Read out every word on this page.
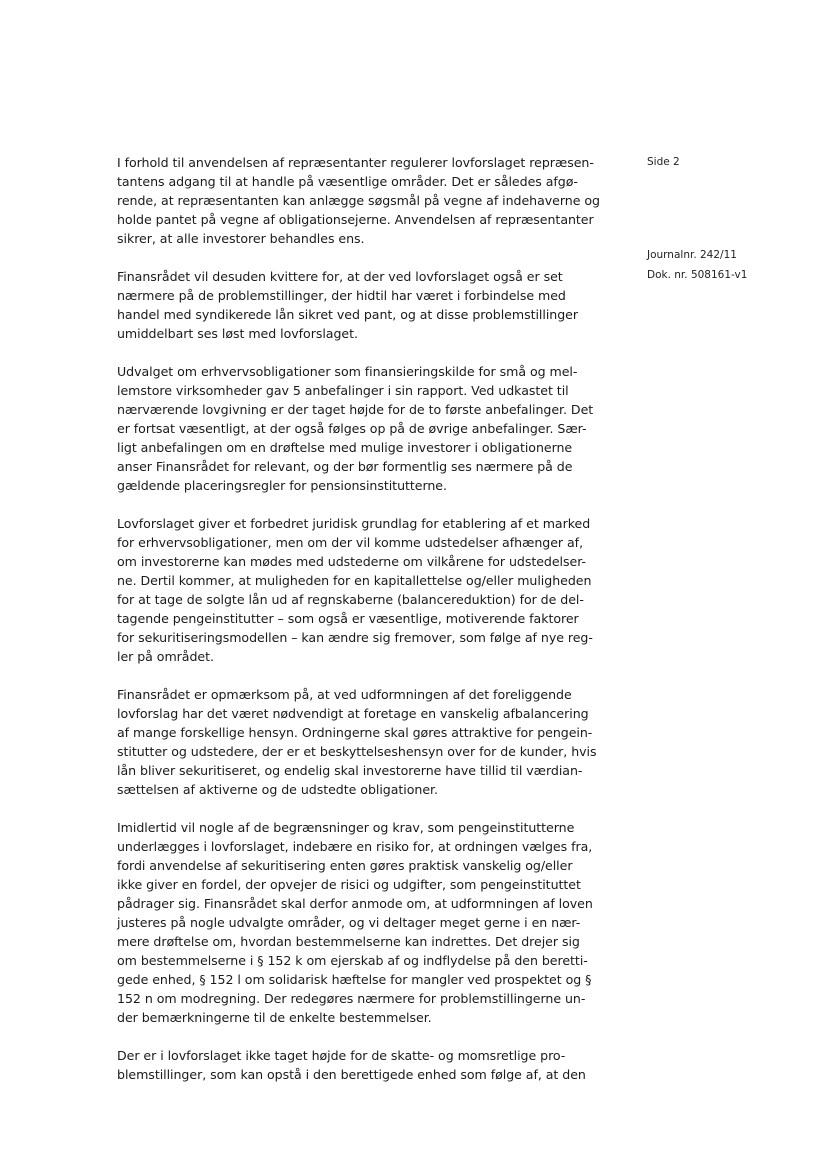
Side 2
Journalnr. 242/11
Dok. nr. 508161-v1

I forhold til anvendelsen af repræsentanter regulerer lovforslaget repræsen-
tantens adgang til at handle på væsentlige områder. Det er således afgø-
rende, at repræsentanten kan anlægge søgsmål på vegne af indehaverne og
holde pantet på vegne af obligationsejerne. Anvendelsen af repræsentanter
sikrer, at alle investorer behandles ens.

Finansrådet vil desuden kvittere for, at der ved lovforslaget også er set
nærmere på de problemstillinger, der hidtil har været i forbindelse med
handel med syndikerede lån sikret ved pant, og at disse problemstillinger
umiddelbart ses løst med lovforslaget.

Udvalget om erhvervsobligationer som finansieringskilde for små og mel-
lemstore virksomheder gav 5 anbefalinger i sin rapport. Ved udkastet til
nærværende lovgivning er der taget højde for de to første anbefalinger. Det
er fortsat væsentligt, at der også følges op på de øvrige anbefalinger. Sær-
ligt anbefalingen om en drøftelse med mulige investorer i obligationerne
anser Finansrådet for relevant, og der bør formentlig ses nærmere på de
gældende placeringsregler for pensionsinstitutterne.

Lovforslaget giver et forbedret juridisk grundlag for etablering af et marked
for erhvervsobligationer, men om der vil komme udstedelser afhænger af,
om investorerne kan mødes med udstederne om vilkårene for udstedelser-
ne. Dertil kommer, at muligheden for en kapitallettelse og/eller muligheden
for at tage de solgte lån ud af regnskaberne (balancereduktion) for de del-
tagende pengeinstitutter – som også er væsentlige, motiverende faktorer
for sekuritiseringsmodellen – kan ændre sig fremover, som følge af nye reg-
ler på området.

Finansrådet er opmærksom på, at ved udformningen af det foreliggende
lovforslag har det været nødvendigt at foretage en vanskelig afbalancering
af mange forskellige hensyn. Ordningerne skal gøres attraktive for pengein-
stitutter og udstedere, der er et beskyttelseshensyn over for de kunder, hvis
lån bliver sekuritiseret, og endelig skal investorerne have tillid til værdian-
sættelsen af aktiverne og de udstedte obligationer.

Imidlertid vil nogle af de begrænsninger og krav, som pengeinstitutterne
underlægges i lovforslaget, indebære en risiko for, at ordningen vælges fra,
fordi anvendelse af sekuritisering enten gøres praktisk vanskelig og/eller
ikke giver en fordel, der opvejer de risici og udgifter, som pengeinstituttet
pådrager sig. Finansrådet skal derfor anmode om, at udformningen af loven
justeres på nogle udvalgte områder, og vi deltager meget gerne i en nær-
mere drøftelse om, hvordan bestemmelserne kan indrettes. Det drejer sig
om bestemmelserne i § 152 k om ejerskab af og indflydelse på den beretti-
gede enhed, § 152 l om solidarisk hæftelse for mangler ved prospektet og §
152 n om modregning. Der redegøres nærmere for problemstillingerne un-
der bemærkningerne til de enkelte bestemmelser.

Der er i lovforslaget ikke taget højde for de skatte- og momsretlige pro-
blemstillinger, som kan opstå i den berettigede enhed som følge af, at den
